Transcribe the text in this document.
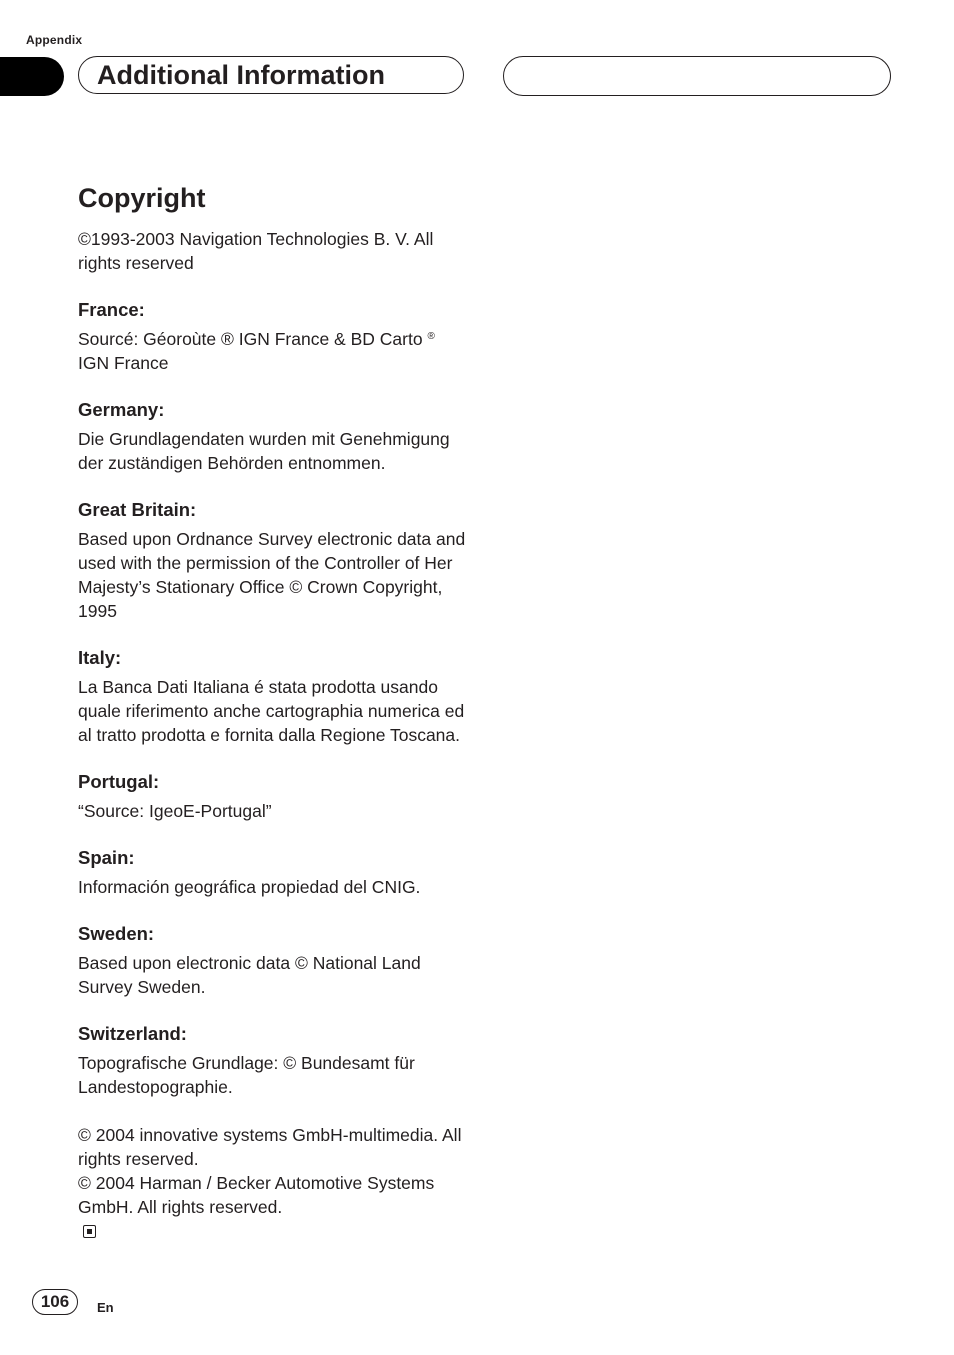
Appendix
Additional Information
Copyright

©1993-2003 Navigation Technologies B. V. All rights reserved

France:

Sourcé: Géoroùte ® IGN France & BD Carto ®
IGN France

Germany:

Die Grundlagendaten wurden mit Genehmigung der zuständigen Behörden entnommen.

Great Britain:

Based upon Ordnance Survey electronic data and used with the permission of the Controller of Her Majesty’s Stationary Office © Crown Copyright, 1995

Italy:

La Banca Dati Italiana é stata prodotta usando quale riferimento anche cartographia numerica ed al tratto prodotta e fornita dalla Regione Toscana.

Portugal:

“Source: IgeoE-Portugal”

Spain:

Información geográfica propiedad del CNIG.

Sweden:

Based upon electronic data © National Land Survey Sweden.

Switzerland:

Topografische Grundlage: © Bundesamt für Landestopographie.

© 2004 innovative systems GmbH-multimedia. All rights reserved.

© 2004 Harman / Becker Automotive Systems GmbH. All rights reserved.

106	En
